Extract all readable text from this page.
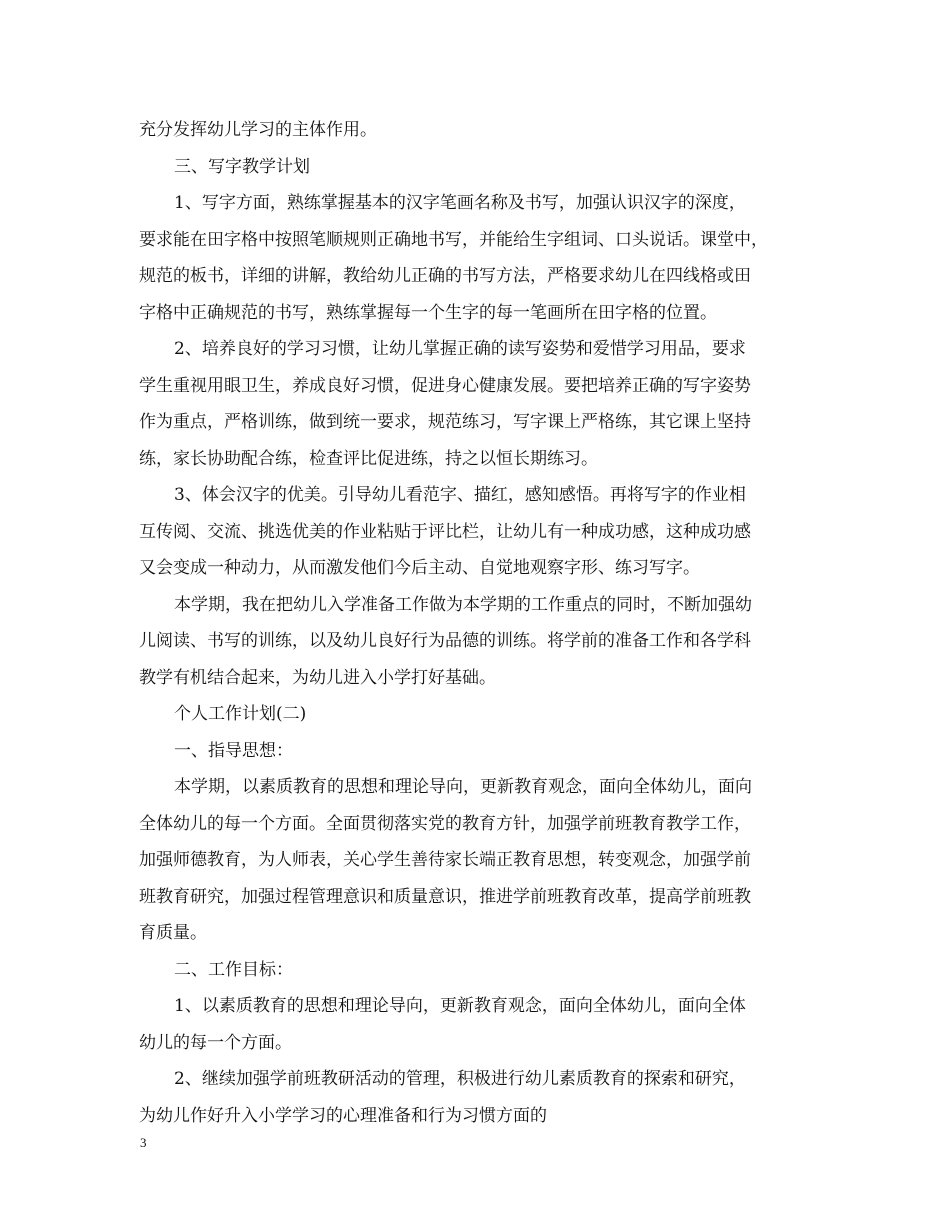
充分发挥幼儿学习的主体作用。
三、写字教学计划
1、写字方面，熟练掌握基本的汉字笔画名称及书写，加强认识汉字的深度，
要求能在田字格中按照笔顺规则正确地书写，并能给生字组词、口头说话。课堂中，
规范的板书，详细的讲解，教给幼儿正确的书写方法，严格要求幼儿在四线格或田
字格中正确规范的书写，熟练掌握每一个生字的每一笔画所在田字格的位置。
2、培养良好的学习习惯，让幼儿掌握正确的读写姿势和爱惜学习用品，要求
学生重视用眼卫生，养成良好习惯，促进身心健康发展。要把培养正确的写字姿势
作为重点，严格训练，做到统一要求，规范练习，写字课上严格练，其它课上坚持
练，家长协助配合练，检查评比促进练，持之以恒长期练习。
3、体会汉字的优美。引导幼儿看范字、描红，感知感悟。再将写字的作业相
互传阅、交流、挑选优美的作业粘贴于评比栏，让幼儿有一种成功感，这种成功感
又会变成一种动力，从而激发他们今后主动、自觉地观察字形、练习写字。
本学期，我在把幼儿入学准备工作做为本学期的工作重点的同时，不断加强幼
儿阅读、书写的训练，以及幼儿良好行为品德的训练。将学前的准备工作和各学科
教学有机结合起来，为幼儿进入小学打好基础。
个人工作计划(二)
一、指导思想：
本学期，以素质教育的思想和理论导向，更新教育观念，面向全体幼儿，面向
全体幼儿的每一个方面。全面贯彻落实党的教育方针，加强学前班教育教学工作，
加强师德教育，为人师表，关心学生善待家长端正教育思想，转变观念，加强学前
班教育研究，加强过程管理意识和质量意识，推进学前班教育改革，提高学前班教
育质量。
二、工作目标：
1、以素质教育的思想和理论导向，更新教育观念，面向全体幼儿，面向全体
幼儿的每一个方面。
2、继续加强学前班教研活动的管理，积极进行幼儿素质教育的探索和研究，
为幼儿作好升入小学学习的心理准备和行为习惯方面的
3
